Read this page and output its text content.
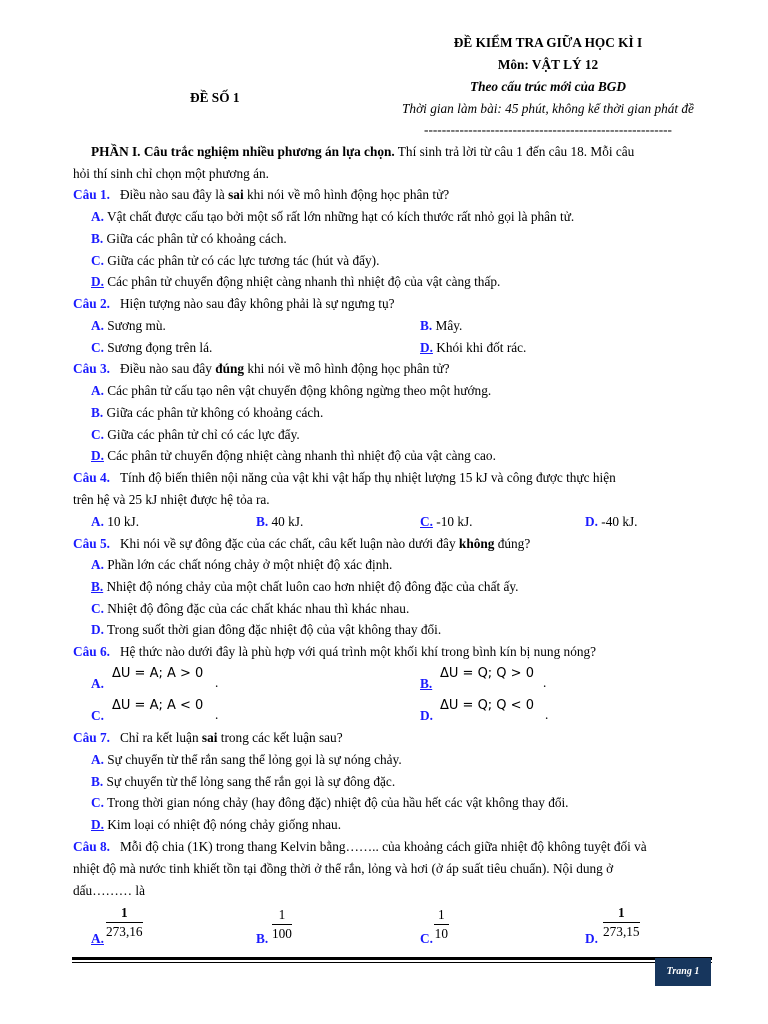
ĐỀ SỐ 1
ĐỀ KIỂM TRA GIỮA HỌC KÌ I
Môn: VẬT LÝ 12
Theo cấu trúc mới của BGD
Thời gian làm bài: 45 phút, không kể thời gian phát đề
--------------------------------------------------------
PHẦN I. Câu trắc nghiệm nhiều phương án lựa chọn. Thí sinh trả lời từ câu 1 đến câu 18. Mỗi câu
hỏi thí sinh chỉ chọn một phương án.
Câu 1. Điều nào sau đây là sai khi nói về mô hình động học phân tử?
A. Vật chất được cấu tạo bởi một số rất lớn những hạt có kích thước rất nhỏ gọi là phân tử.
B. Giữa các phân tử có khoảng cách.
C. Giữa các phân tử có các lực tương tác (hút và đẩy).
D. Các phân tử chuyển động nhiệt càng nhanh thì nhiệt độ của vật càng thấp.
Câu 2. Hiện tượng nào sau đây không phải là sự ngưng tụ?
A. Sương mù.	B. Mây.
C. Sương đọng trên lá.	D. Khói khi đốt rác.
Câu 3. Điều nào sau đây đúng khi nói về mô hình động học phân tử?
A. Các phân tử cấu tạo nên vật chuyển động không ngừng theo một hướng.
B. Giữa các phân tử không có khoảng cách.
C. Giữa các phân tử chỉ có các lực đẩy.
D. Các phân tử chuyển động nhiệt càng nhanh thì nhiệt độ của vật càng cao.
Câu 4. Tính độ biến thiên nội năng của vật khi vật hấp thụ nhiệt lượng 15 kJ và công được thực hiện
trên hệ và 25 kJ nhiệt được hệ tỏa ra.
A. 10 kJ.	B. 40 kJ.	C. -10 kJ.	D. -40 kJ.
Câu 5. Khi nói về sự đông đặc của các chất, câu kết luận nào dưới đây không đúng?
A. Phần lớn các chất nóng chảy ở một nhiệt độ xác định.
B. Nhiệt độ nóng chảy của một chất luôn cao hơn nhiệt độ đông đặc của chất ấy.
C. Nhiệt độ đông đặc của các chất khác nhau thì khác nhau.
D. Trong suốt thời gian đông đặc nhiệt độ của vật không thay đổi.
Câu 6. Hệ thức nào dưới đây là phù hợp với quá trình một khối khí trong bình kín bị nung nóng?
A.
ΔU = A; A > 0
.	B.
ΔU = Q; Q > 0
.
C.
ΔU = A; A < 0
.	D.
ΔU = Q; Q < 0
.
Câu 7. Chỉ ra kết luận sai trong các kết luận sau?
A. Sự chuyển từ thể rắn sang thể lỏng gọi là sự nóng chảy.
B. Sự chuyển từ thể lỏng sang thể rắn gọi là sự đông đặc.
C. Trong thời gian nóng chảy (hay đông đặc) nhiệt độ của hầu hết các vật không thay đổi.
D. Kim loại có nhiệt độ nóng chảy giống nhau.
Câu 8. Mỗi độ chia (1K) trong thang Kelvin bằng…….. của khoảng cách giữa nhiệt độ không tuyệt đối và
nhiệt độ mà nước tinh khiết tồn tại đồng thời ở thể rắn, lỏng và hơi (ở áp suất tiêu chuẩn). Nội dung ở
dấu……… là
A. $\frac{1}{273,16}$	B. $\frac{1}{100}$	C. $\frac{1}{10}$	D. $\frac{1}{273,15}$
Trang 1
